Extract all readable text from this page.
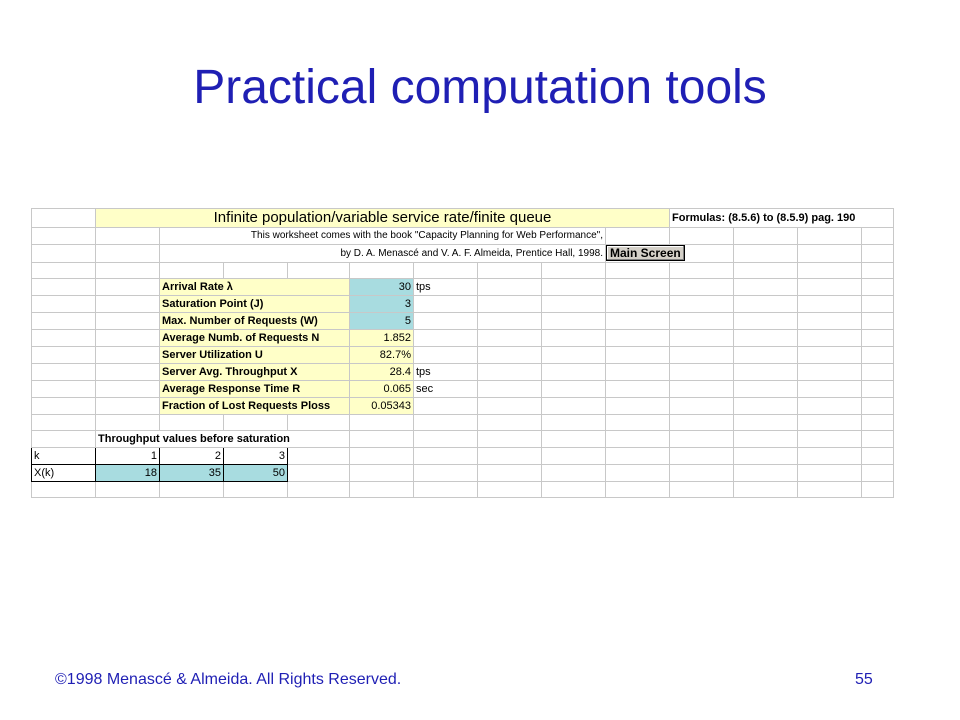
Practical computation tools
	Infinite population/variable service rate/finite queue									Formulas: (8.5.6) to (8.5.9) pag. 190			
		This worksheet comes with the book "Capacity Planning for Web Performance",											
		by D. A. Menascé and V. A. F. Almeida, Prentice Hall, 1998.							Main Screen				

		Arrival Rate λ			30	tps							
		Saturation Point (J)			3								
		Max. Number of Requests (W)			5								
		Average Numb. of Requests N			1.852								
		Server Utilization U			82.7%								
		Server Avg. Throughput X			28.4	tps							
		Average Response Time R			0.065	sec							
		Fraction of Lost Requests Ploss			0.05343								

	Throughput values before saturation												
k	1	2	3										
X(k)	18	35	50										

©1998 Menascé & Almeida. All Rights Reserved.	55
